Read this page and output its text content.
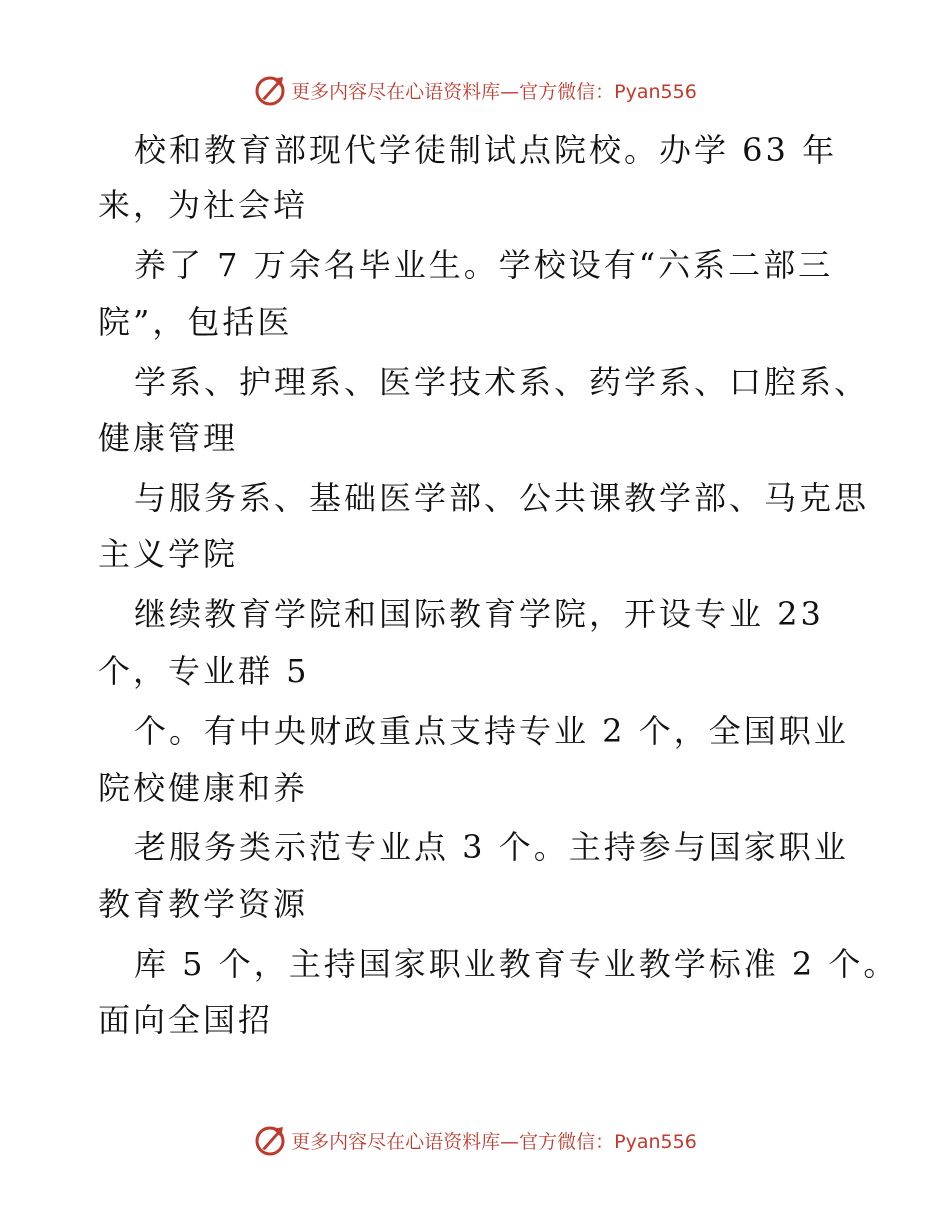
更多内容尽在心语资料库—官方微信：Pyan556
校和教育部现代学徒制试点院校。办学 63 年
来，为社会培
养了 7 万余名毕业生。学校设有“六系二部三
院”，包括医
学系、护理系、医学技术系、药学系、口腔系、
健康管理
与服务系、基础医学部、公共课教学部、马克思
主义学院
继续教育学院和国际教育学院，开设专业 23
个，专业群 5
个。有中央财政重点支持专业 2 个，全国职业
院校健康和养
老服务类示范专业点 3 个。主持参与国家职业
教育教学资源
库 5 个，主持国家职业教育专业教学标准 2 个。
面向全国招
更多内容尽在心语资料库—官方微信：Pyan556
